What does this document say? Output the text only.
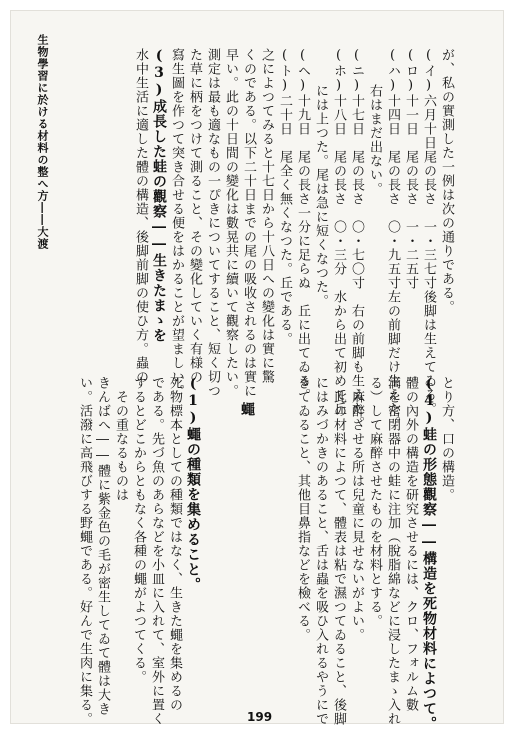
生物學習に於ける材料の整へ方――大渡	が、私の實測した一例は次の通りである。
(イ)六月十日尾の長さ　一・三七寸後脚は生えてゐる。
(ロ)十一日　尾の長さ　一・二五寸
(ハ)十四日　尾の長さ　〇・九五寸左の前脚だけ生えた。
右はまだ出ない。
(ニ)十七日　尾の長さ　〇・七〇寸　右の前脚も生えた。
(ホ)十八日　尾の長さ　〇・三分　水から出て初めて丘
には上つた。尾は急に短くなつた。
(ヘ)十九日　尾の長さ一分に足らぬ　丘に出てゐる。
(ト)二十日　尾全く無くなつた。丘である。
之によつてみると十七日から十八日への變化は實に驚
くのである。以下二十日までの尾の吸收されるのは實に
早い。此の十日間の變化は數晃共に續いて觀察したい。
測定は最も適なもの一ぴきについてすること、短く切つ
た草に柄をつけて測ること、その變化していく有様の
寫生圖を作つて突き合せる便をはかることが望ましい。
(3)成長した蛙の觀察――生きたまゝを
水中生活に適した體の構造、後脚前脚の使ひ方。蟲の
とり方、口の構造。
(4)蛙の形態觀察――構造を死物材料によつて。
體の內外の構造を研究させるには、クロ、フォルム數
滴を密閉器中の蛙に注加（脫脂綿などに浸したまゝ入れ
る）して麻醉させたものを材料とする。
麻醉させる所は兒童に見せないがよい。
此の材料によつて、體表は粘で濕つてゐること、後脚
にはみづかきのあること、舌は蟲を吸ひ入れるやうにで
きてゐること、其他目鼻指などを檢べる。
蠅
(1)蠅の種類を集めること。
死物標本としての種類ではなく、生きた蠅を集めるの
である。先づ魚のあらなどを小皿に入れて、室外に置く
するとどこからともなく各種の蠅がよつてくる。
その重なるものは
きんばへ――體に紫金色の毛が密生してゐて體は大き
い。活潑に高飛びする野蠅である。好んで生肉に集る。	199
